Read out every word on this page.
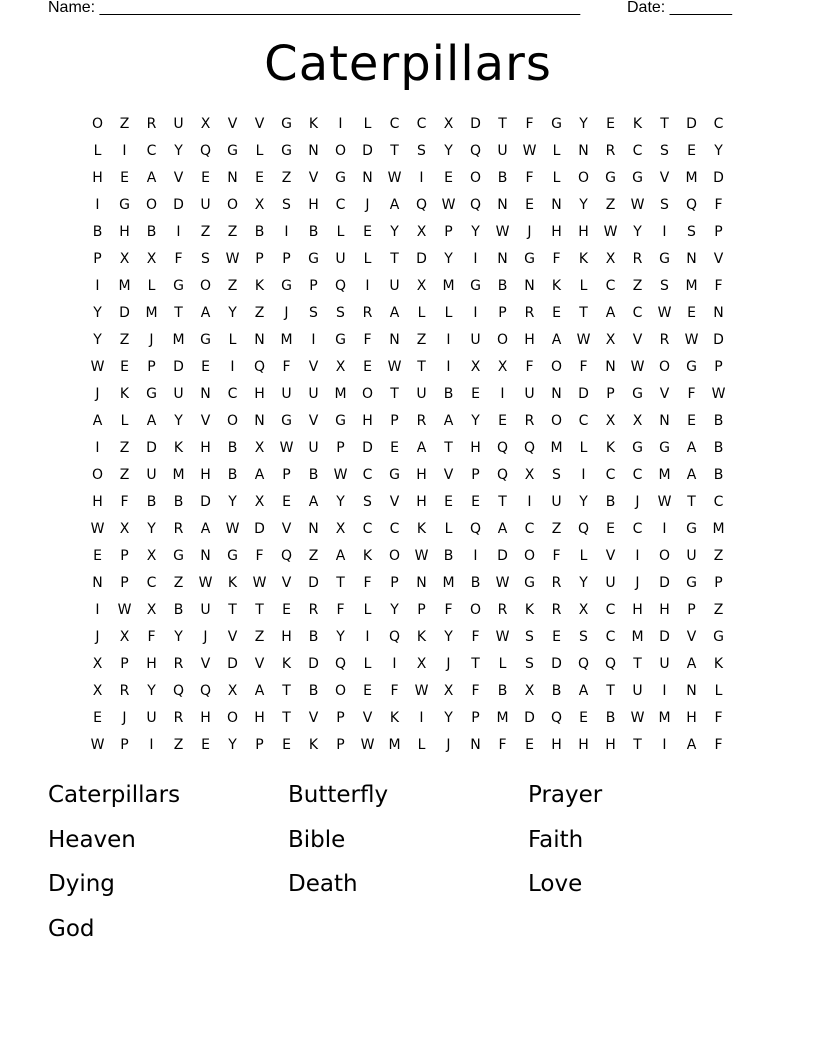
Name: ______________________________________________________	Date: _______
Caterpillars
O	Z	R	U	X	V	V	G	K	I	L	C	C	X	D	T	F	G	Y	E	K	T	D	C
L	I	C	Y	Q	G	L	G	N	O	D	T	S	Y	Q	U	W	L	N	R	C	S	E	Y
H	E	A	V	E	N	E	Z	V	G	N	W	I	E	O	B	F	L	O	G	G	V	M	D
I	G	O	D	U	O	X	S	H	C	J	A	Q	W	Q	N	E	N	Y	Z	W	S	Q	F
B	H	B	I	Z	Z	B	I	B	L	E	Y	X	P	Y	W	J	H	H	W	Y	I	S	P
P	X	X	F	S	W	P	P	G	U	L	T	D	Y	I	N	G	F	K	X	R	G	N	V
I	M	L	G	O	Z	K	G	P	Q	I	U	X	M	G	B	N	K	L	C	Z	S	M	F
Y	D	M	T	A	Y	Z	J	S	S	R	A	L	L	I	P	R	E	T	A	C	W	E	N
Y	Z	J	M	G	L	N	M	I	G	F	N	Z	I	U	O	H	A	W	X	V	R	W	D
W	E	P	D	E	I	Q	F	V	X	E	W	T	I	X	X	F	O	F	N	W	O	G	P
J	K	G	U	N	C	H	U	U	M	O	T	U	B	E	I	U	N	D	P	G	V	F	W
A	L	A	Y	V	O	N	G	V	G	H	P	R	A	Y	E	R	O	C	X	X	N	E	B
I	Z	D	K	H	B	X	W	U	P	D	E	A	T	H	Q	Q	M	L	K	G	G	A	B
O	Z	U	M	H	B	A	P	B	W	C	G	H	V	P	Q	X	S	I	C	C	M	A	B
H	F	B	B	D	Y	X	E	A	Y	S	V	H	E	E	T	I	U	Y	B	J	W	T	C
W	X	Y	R	A	W	D	V	N	X	C	C	K	L	Q	A	C	Z	Q	E	C	I	G	M
E	P	X	G	N	G	F	Q	Z	A	K	O	W	B	I	D	O	F	L	V	I	O	U	Z
N	P	C	Z	W	K	W	V	D	T	F	P	N	M	B	W	G	R	Y	U	J	D	G	P
I	W	X	B	U	T	T	E	R	F	L	Y	P	F	O	R	K	R	X	C	H	H	P	Z
J	X	F	Y	J	V	Z	H	B	Y	I	Q	K	Y	F	W	S	E	S	C	M	D	V	G
X	P	H	R	V	D	V	K	D	Q	L	I	X	J	T	L	S	D	Q	Q	T	U	A	K
X	R	Y	Q	Q	X	A	T	B	O	E	F	W	X	F	B	X	B	A	T	U	I	N	L
E	J	U	R	H	O	H	T	V	P	V	K	I	Y	P	M	D	Q	E	B	W	M	H	F
W	P	I	Z	E	Y	P	E	K	P	W	M	L	J	N	F	E	H	H	H	T	I	A	F
Caterpillars	Butterfly	Prayer
Heaven	Bible	Faith
Dying	Death	Love
God
